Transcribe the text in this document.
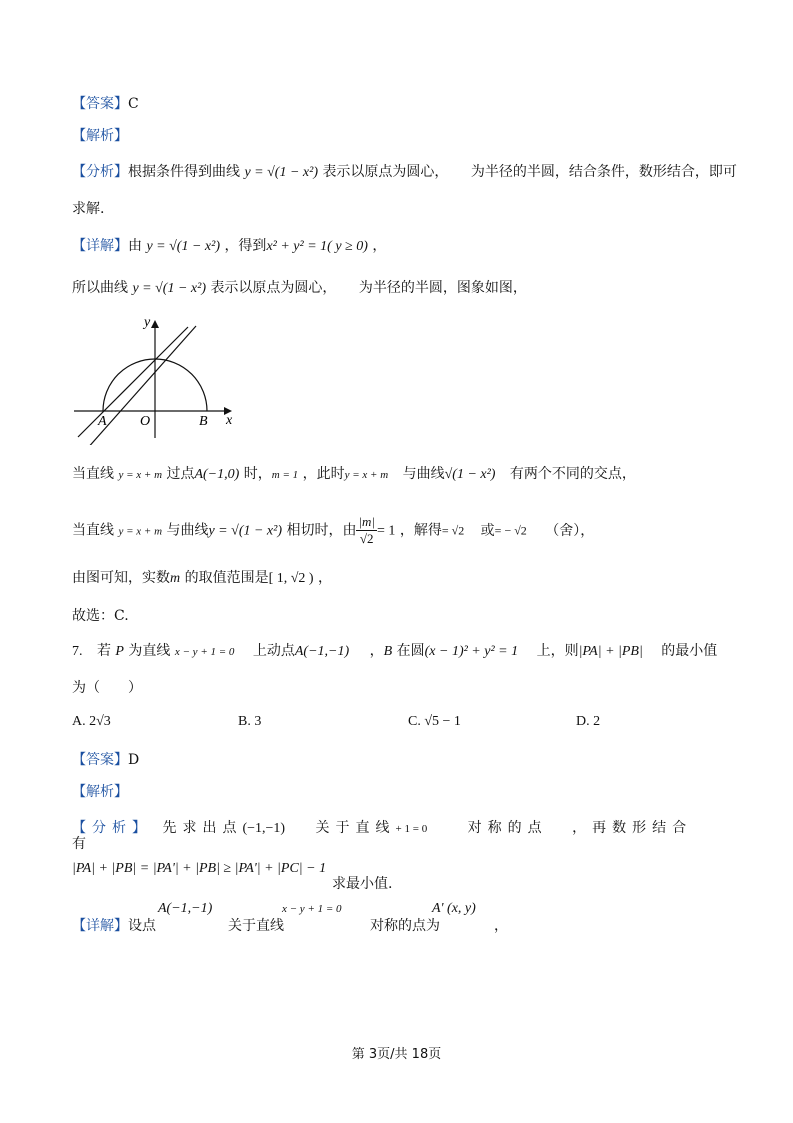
【答案】C
【解析】
【分析】根据条件得到曲线 y = √(1 − x²) 表示以原点为圆心， 为半径的半圆，结合条件，数形结合，即可
求解.
【详解】由 y = √(1 − x²) ，得到x² + y² = 1( y ≥ 0) ，
所以曲线 y = √(1 − x²) 表示以原点为圆心， 为半径的半圆，图象如图，
y
x
A O	B
当直线 y = x + m 过点A(−1,0) 时，m = 1 ，此时y = x + m 与曲线√(1 − x²) 有两个不同的交点，
当直线 y = x + m 与曲线y = √(1 − x²) 相切时，由 $\frac{|m|}{√2} = 1$ ，解得= √2 或= − √2 （舍），
由图可知，实数m 的取值范围是[ 1, √2 ) ，
故选：C.
7. 若 P 为直线 x − y + 1 = 0 上动点A(−1,−1) ，B 在圆(x − 1)² + y² = 1 上，则|PA| + |PB| 的最小值
为（　　）
A. 2√3	B. 3	C. √5 − 1	D. 2
【答案】D
【解析】
【分析】 先求出点(−1,−1) 关于直线+ 1 = 0	对称的点 ，再数形结合
有
|PA| + |PB| = |PA'| + |PB| ≥ |PA'| + |PC| − 1
求最小值.
【详解】设点
A(−1,−1)
关于直线
x − y + 1 = 0
对称的点为
A' (x, y)
，
第 3页/共 18页
